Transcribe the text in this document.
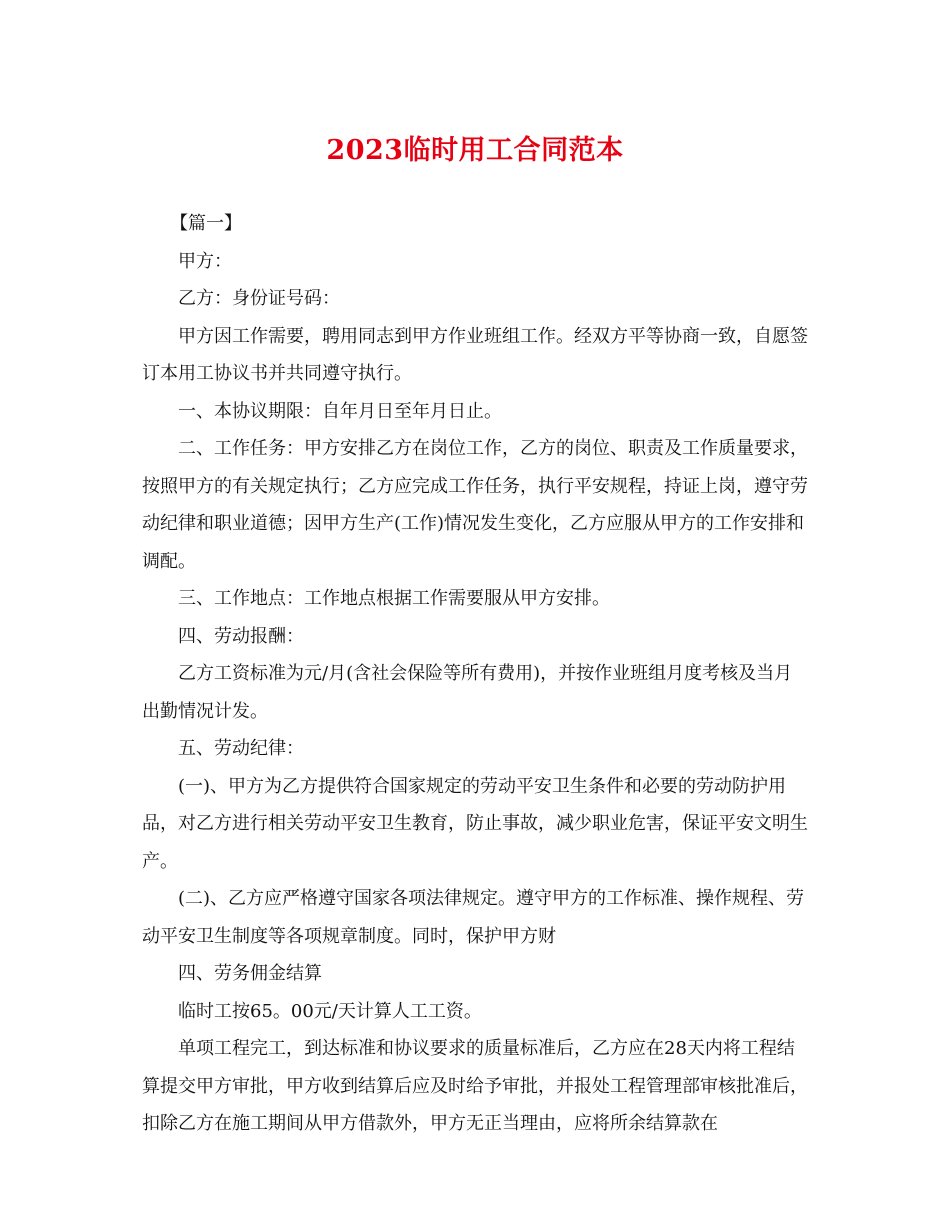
2023临时用工合同范本

【篇一】

甲方：

乙方：身份证号码：

甲方因工作需要，聘用同志到甲方作业班组工作。经双方平等协商一致，自愿签订本用工协议书并共同遵守执行。

一、本协议期限：自年月日至年月日止。

二、工作任务：甲方安排乙方在岗位工作，乙方的岗位、职责及工作质量要求，按照甲方的有关规定执行；乙方应完成工作任务，执行平安规程，持证上岗，遵守劳动纪律和职业道德；因甲方生产(工作)情况发生变化，乙方应服从甲方的工作安排和调配。

三、工作地点：工作地点根据工作需要服从甲方安排。

四、劳动报酬：

乙方工资标准为元/月(含社会保险等所有费用)，并按作业班组月度考核及当月出勤情况计发。

五、劳动纪律：

(一)、甲方为乙方提供符合国家规定的劳动平安卫生条件和必要的劳动防护用品，对乙方进行相关劳动平安卫生教育，防止事故，减少职业危害，保证平安文明生产。

(二)、乙方应严格遵守国家各项法律规定。遵守甲方的工作标准、操作规程、劳动平安卫生制度等各项规章制度。同时，保护甲方财

四、劳务佣金结算

临时工按65。00元/天计算人工工资。

单项工程完工，到达标准和协议要求的质量标准后，乙方应在28天内将工程结算提交甲方审批，甲方收到结算后应及时给予审批，并报处工程管理部审核批准后，扣除乙方在施工期间从甲方借款外，甲方无正当理由，应将所余结算款在
